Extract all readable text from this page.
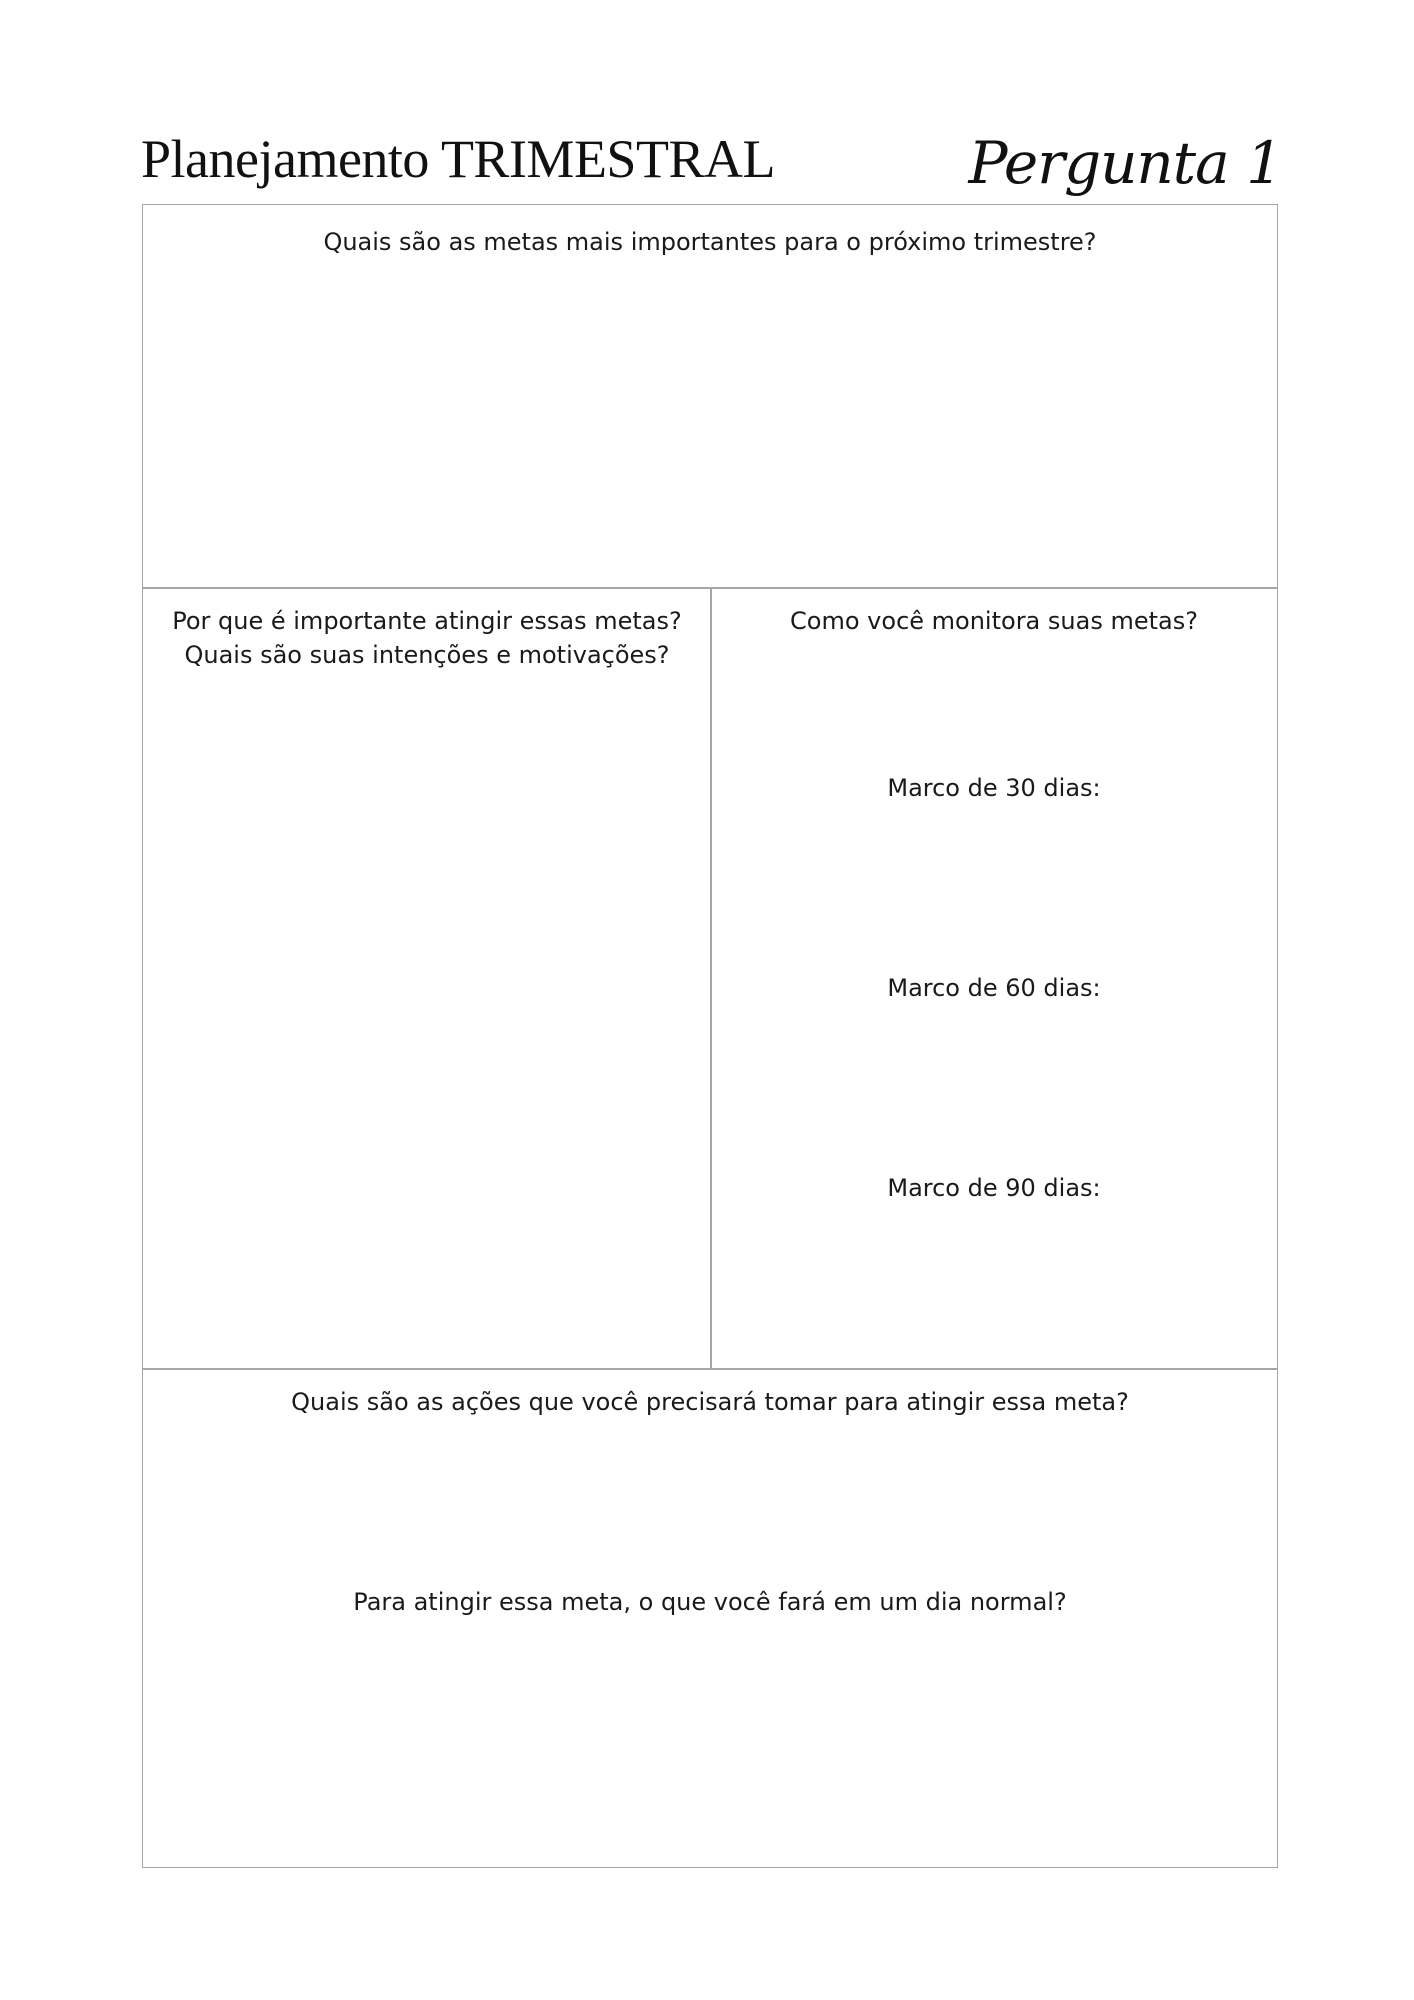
Planejamento TRIMESTRAL	Pergunta 1
Quais são as metas mais importantes para o próximo trimestre?
Por que é importante atingir essas metas?
Quais são suas intenções e motivações?
Como você monitora suas metas?
Marco de 30 dias:
Marco de 60 dias:
Marco de 90 dias:
Quais são as ações que você precisará tomar para atingir essa meta?
Para atingir essa meta, o que você fará em um dia normal?
